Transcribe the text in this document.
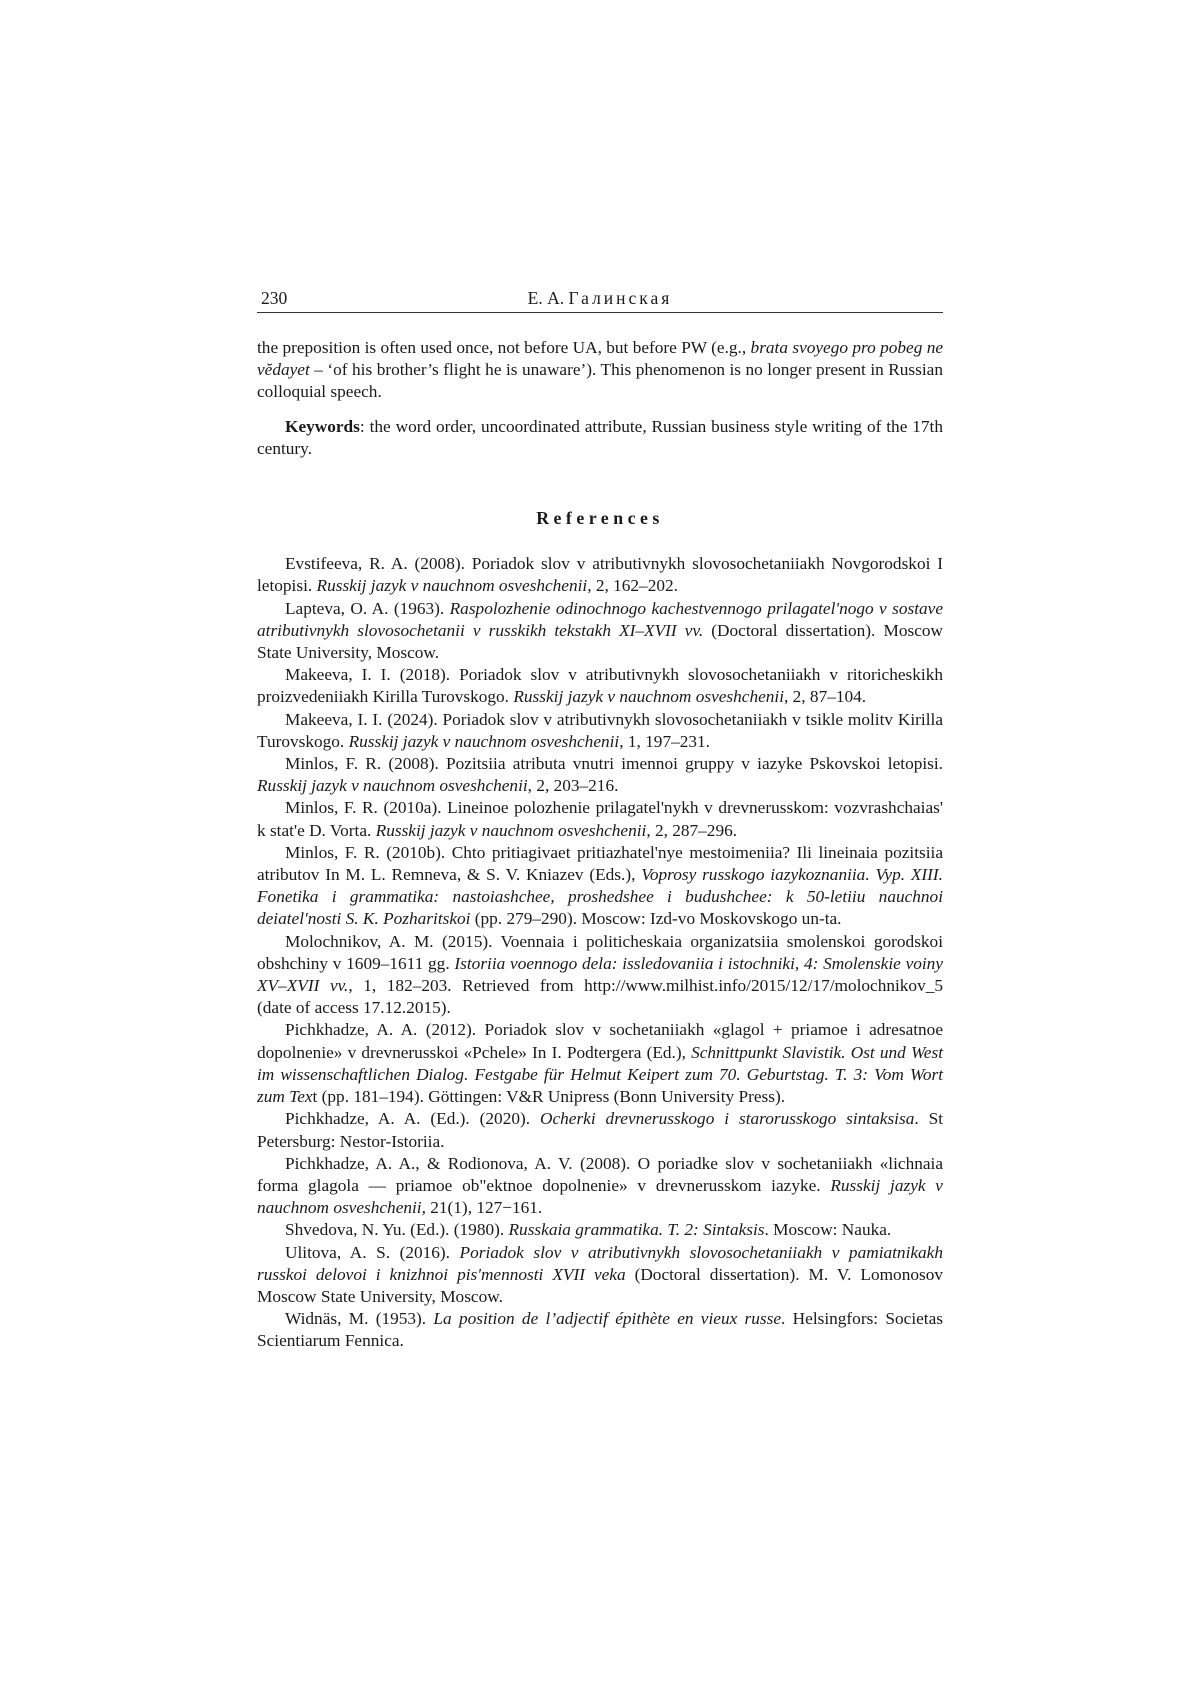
230	Е. А. Галинская

the preposition is often used once, not before UA, but before PW (e.g., brata svoyego pro pobeg ne vĕdayet – ‘of his brother’s flight he is unaware’). This phenomenon is no longer present in Russian colloquial speech.

Keywords: the word order, uncoordinated attribute, Russian business style writing of the 17th century.

References
Evstifeeva, R. A. (2008). Poriadok slov v atributivnykh slovosochetaniiakh Novgorodskoi I letopisi. Russkij jazyk v nauchnom osveshchenii, 2, 162–202.
Lapteva, O. A. (1963). Raspolozhenie odinochnogo kachestvennogo prilagatel'nogo v sostave atributivnykh slovosochetanii v russkikh tekstakh XI–XVII vv. (Doctoral dissertation). Moscow State University, Moscow.
Makeeva, I. I. (2018). Poriadok slov v atributivnykh slovosochetaniiakh v ritoricheskikh proizvedeniiakh Kirilla Turovskogo. Russkij jazyk v nauchnom osveshchenii, 2, 87–104.
Makeeva, I. I. (2024). Poriadok slov v atributivnykh slovosochetaniiakh v tsikle molitv Kirilla Turovskogo. Russkij jazyk v nauchnom osveshchenii, 1, 197–231.
Minlos, F. R. (2008). Pozitsiia atributa vnutri imennoi gruppy v iazyke Pskovskoi letopisi. Russkij jazyk v nauchnom osveshchenii, 2, 203–216.
Minlos, F. R. (2010a). Lineinoe polozhenie prilagatel'nykh v drevnerusskom: vozvrashchaias' k stat'e D. Vorta. Russkij jazyk v nauchnom osveshchenii, 2, 287–296.
Minlos, F. R. (2010b). Chto pritiagivaet pritiazhatel'nye mestoimeniia? Ili lineinaia pozitsiia atributov In M. L. Remneva, & S. V. Kniazev (Eds.), Voprosy russkogo iazykoznaniia. Vyp. XIII. Fonetika i grammatika: nastoiashchee, proshedshee i budushchee: k 50-letiiu nauchnoi deiatel'nosti S. K. Pozharitskoi (pp. 279–290). Moscow: Izd-vo Moskovskogo un-ta.
Molochnikov, A. M. (2015). Voennaia i politicheskaia organizatsiia smolenskoi gorodskoi obshchiny v 1609–1611 gg. Istoriia voennogo dela: issledovaniia i istochniki, 4: Smolenskie voiny XV–XVII vv., 1, 182–203. Retrieved from http://www.milhist.info/​2015/12/17/molochnikov_5 (date of access 17.12.2015).
Pichkhadze, A. A. (2012). Poriadok slov v sochetaniiakh «glagol + priamoe i adresatnoe dopolnenie» v drevnerusskoi «Pchele» In I. Podtergera (Ed.), Schnittpunkt Slavistik. Ost und West im wissenschaftlichen Dialog. Festgabe für Helmut Keipert zum 70. Geburtstag. T. 3: Vom Wort zum Text (pp. 181–194). Göttingen: V&R Unipress (Bonn University Press).
Pichkhadze, A. A. (Ed.). (2020). Ocherki drevnerusskogo i starorusskogo sintaksisa. St Petersburg: Nestor-Istoriia.
Pichkhadze, A. A., & Rodionova, A. V. (2008). O poriadke slov v sochetaniiakh «lichnaia forma glagola — priamoe ob"ektnoe dopolnenie» v drevnerusskom iazyke. Russkij jazyk v nauchnom osveshchenii, 21(1), 127−161.
Shvedova, N. Yu. (Ed.). (1980). Russkaia grammatika. T. 2: Sintaksis. Moscow: Nauka.
Ulitova, A. S. (2016). Poriadok slov v atributivnykh slovosochetaniiakh v pamiatnikakh russkoi delovoi i knizhnoi pis'mennosti XVII veka (Doctoral dissertation). M. V. Lomonosov Moscow State University, Moscow.
Widnäs, M. (1953). La position de l’adjectif épithète en vieux russe. Helsingfors: Societas Scientiarum Fennica.
